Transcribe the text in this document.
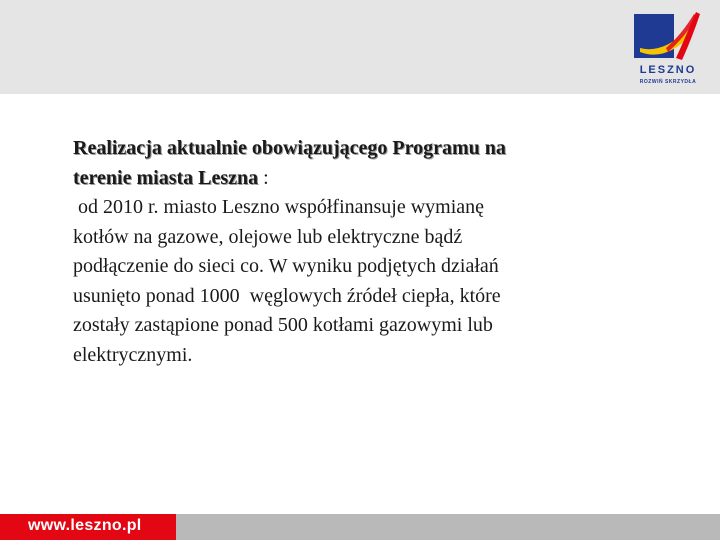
LESZNO
ROZWIŃ SKRZYDŁA

Realizacja aktualnie obowiązującego Programu na

terenie miasta Leszna :

od 2010 r. miasto Leszno współfinansuje wymianę

kotłów na gazowe, olejowe lub elektryczne bądź

podłączenie do sieci co. W wyniku podjętych działań

usunięto ponad 1000  węglowych źródeł ciepła, które

zostały zastąpione ponad 500 kotłami gazowymi lub

elektrycznymi.

www.leszno.pl
